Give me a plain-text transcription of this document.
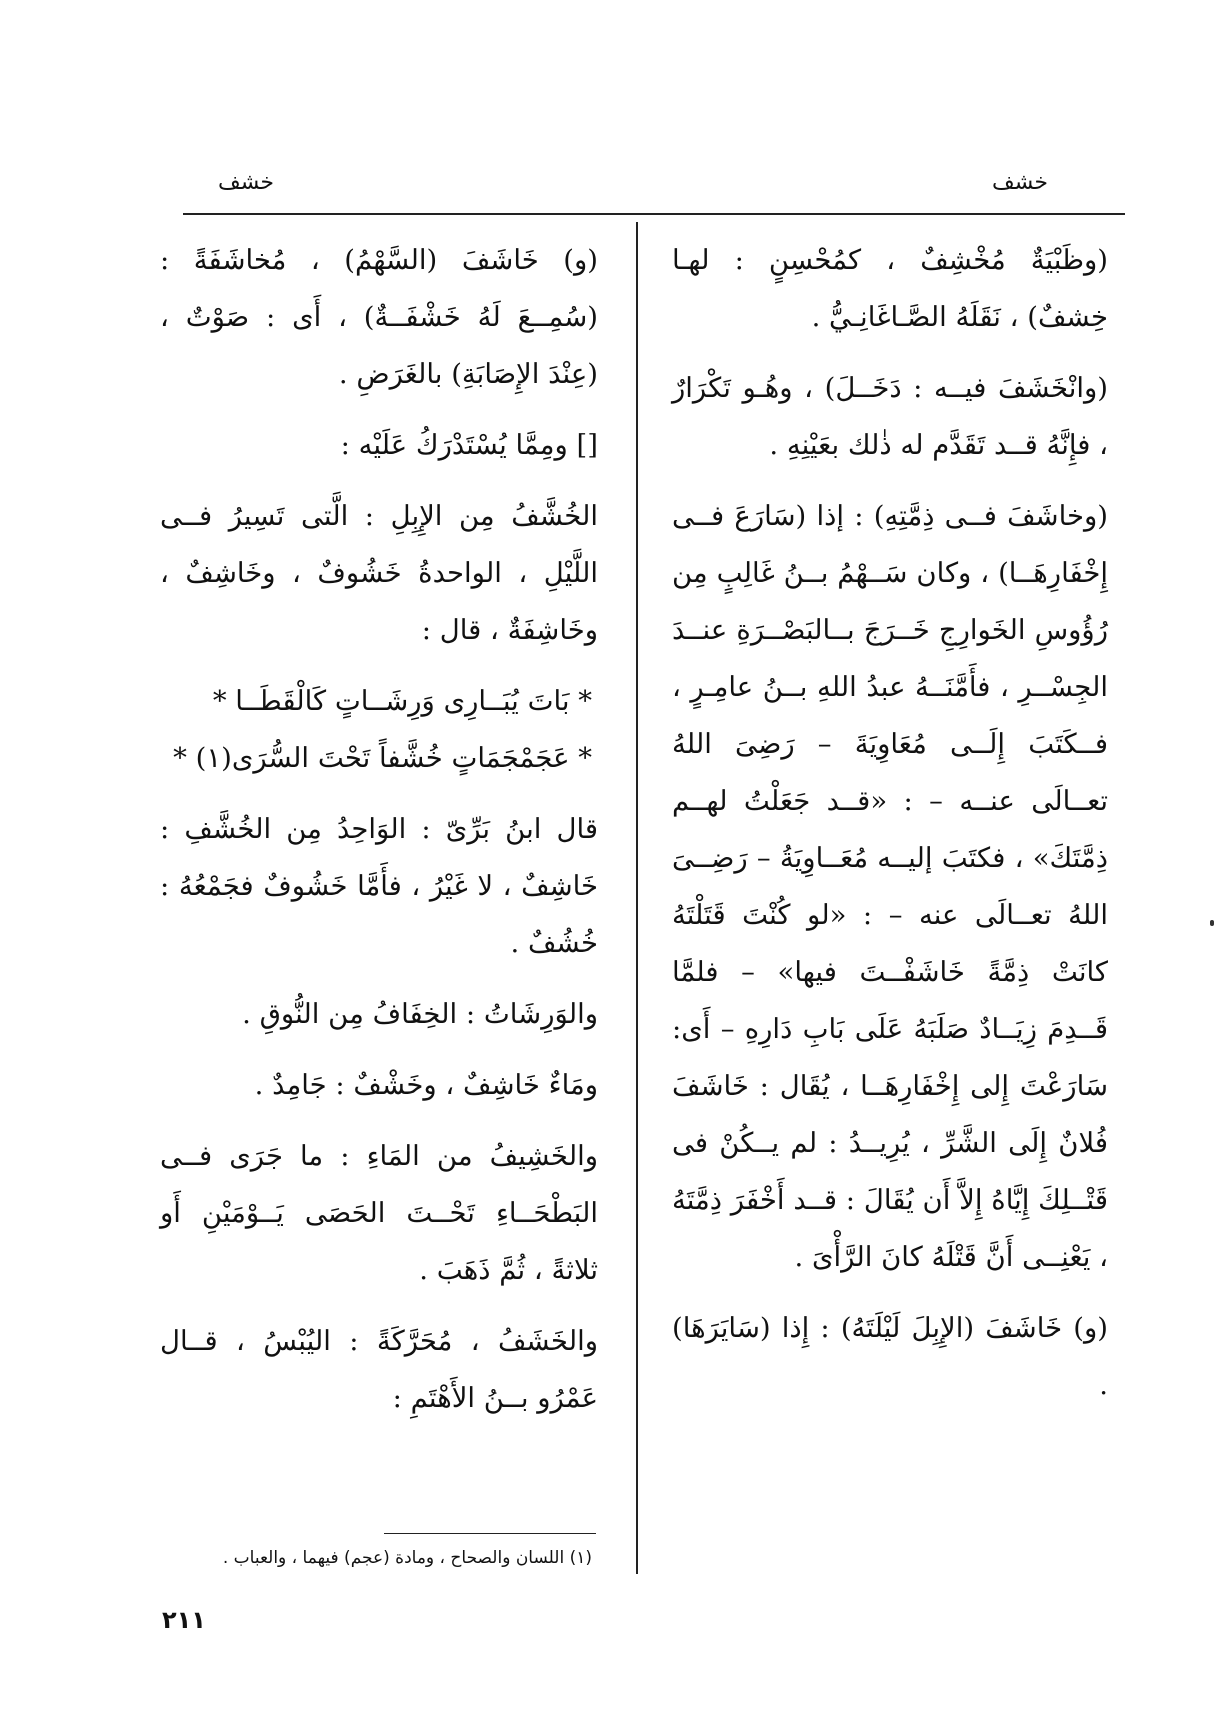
خشف
خشف

(وظَبْيَةٌ مُخْشِفٌ ، كمُحْسِنٍ : لهـا خِشفٌ) ، نَقَلَهُ الصَّـاغَانِـيُّ .

(وانْخَشَفَ فيــه : دَخَــلَ) ، وهُـو تَكْرَارٌ ، فإِنَّهُ قــد تَقَدَّم له ذٰلك بعَيْنِهِ .

(وخاشَفَ فــى ذِمَّتِهِ) : إذا (سَارَعَ فــى إِخْفَارِهَــا) ، وكان سَــهْمُ بــنُ غَالِبٍ مِن رُؤُوسِ الخَوارِجِ خَــرَجَ بــالبَصْــرَةِ عنــدَ الجِسْــرِ ، فأَمَّنَــهُ عبدُ اللهِ بــنُ عامِـرٍ ، فــكَتَبَ إِلَــى مُعَاوِيَةَ – رَضِىَ اللهُ تعــالَى عنــه – : «قــد جَعَلْتُ لهــم ذِمَّتَكَ» ، فكتَبَ إليــه مُعَــاوِيَةُ – رَضِــىَ اللهُ تعــالَى عنه – : «لو كُنْتَ قَتَلْتَهُ كانَتْ ذِمَّةً خَاشَفْــتَ فيها» – فلمَّا قَــدِمَ زِيَــادٌ صَلَبَهُ عَلَى بَابِ دَارِهِ – أَى: سَارَعْتَ إِلى إِخْفَارِهَــا ، يُقَال : خَاشَفَ فُلانٌ إِلَى الشَّرِّ ، يُرِيــدُ : لم يــكُنْ فى قَتْــلِكَ إِيَّاهُ إِلاَّ أَن يُقَالَ : قــد أَخْفَرَ ذِمَّتَهُ ، يَعْنِــى أَنَّ قَتْلَهُ كانَ الرَّأْىَ .

(و) خَاشَفَ (الإِبِلَ لَيْلَتَهُ) : إِذا (سَايَرَهَا) .

(و) خَاشَفَ (السَّهْمُ) ، مُخاشَفَةً : (سُمِــعَ لَهُ خَشْفَــةٌ) ، أَى : صَوْتٌ ، (عِنْدَ الإِصَابَةِ) بالغَرَضِ .

[] ومِمَّا يُسْتَدْرَكُ عَلَيْه :

الخُشَّفُ مِن الإِبِلِ : الَّتى تَسِيرُ فــى اللَّيْلِ ، الواحدةُ خَشُوفٌ ، وخَاشِفٌ ، وخَاشِفَةٌ ، قال :

* بَاتَ يُبَــارِى وَرِشَــاتٍ كَالْقَطَــا *

* عَجَمْجَمَاتٍ خُشَّفاً تَحْتَ السُّرَى(١) *

قال ابنُ بَرِّىّ : الوَاحِدُ مِن الخُشَّفِ : خَاشِفٌ ، لا غَيْرُ ، فأَمَّا خَشُوفٌ فجَمْعُهُ : خُشُفٌ .

والوَرِشَاتُ : الخِفَافُ مِن النُّوقِ .

ومَاءٌ خَاشِفٌ ، وخَشْفٌ : جَامِدٌ .

والخَشِيفُ من المَاءِ : ما جَرَى فــى البَطْحَــاءِ تَحْــتَ الحَصَى يَــوْمَيْنِ أَو ثلاثةً ، ثُمَّ ذَهَبَ .

والخَشَفُ ، مُحَرَّكَةً : اليُبْسُ ، قــال عَمْرُو بــنُ الأَهْتَمِ :

(١) اللسان والصحاح ، ومادة (عجم) فيهما ، والعباب .
٢١١
